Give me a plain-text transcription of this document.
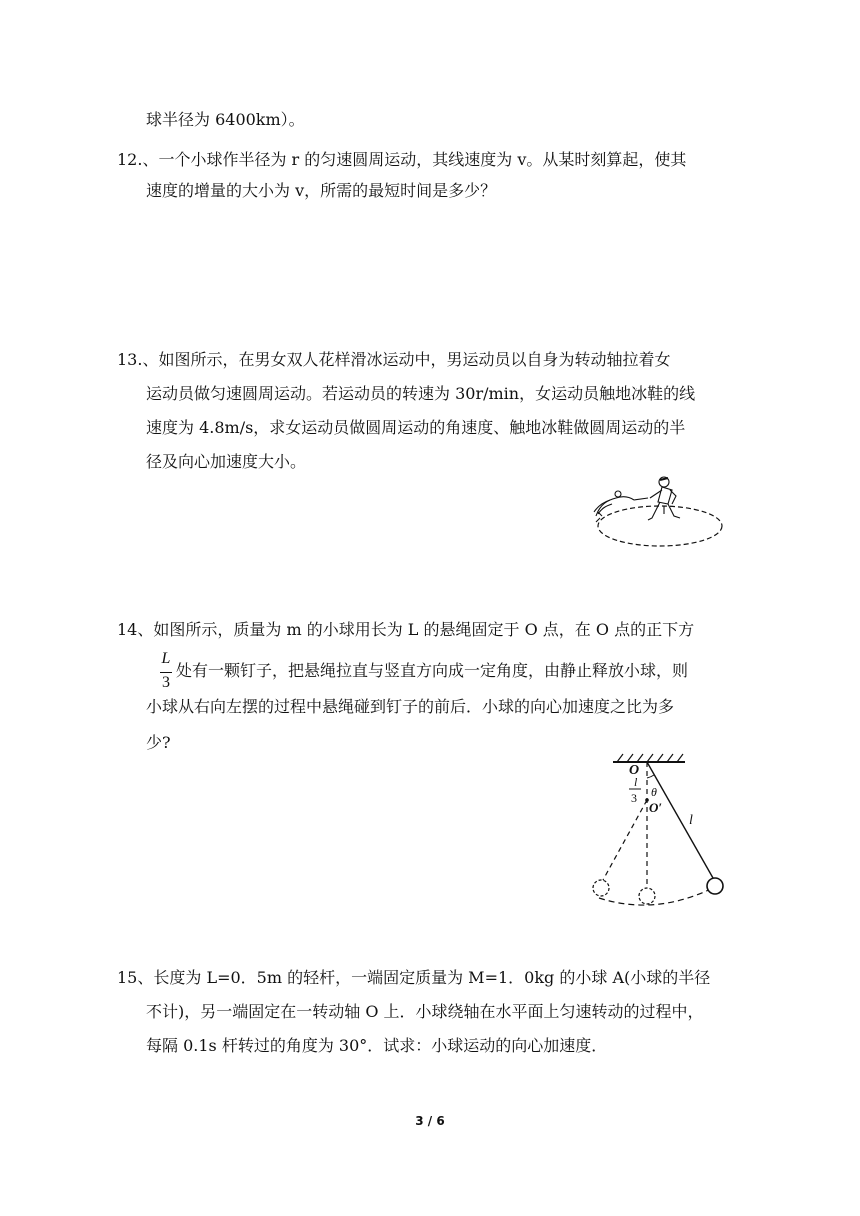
球半径为 6400km）。
12.、一个小球作半径为 r 的匀速圆周运动，其线速度为 v。从某时刻算起，使其
速度的增量的大小为 v，所需的最短时间是多少？
13.、如图所示，在男女双人花样滑冰运动中，男运动员以自身为转动轴拉着女
运动员做匀速圆周运动。若运动员的转速为 30r/min，女运动员触地冰鞋的线
速度为 4.8m/s，求女运动员做圆周运动的角速度、触地冰鞋做圆周运动的半
径及向心加速度大小。
14、如图所示，质量为 m 的小球用长为 L 的悬绳固定于 O 点，在 O 点的正下方
L
3
处有一颗钉子，把悬绳拉直与竖直方向成一定角度，由静止释放小球，则
小球从右向左摆的过程中悬绳碰到钉子的前后．小球的向心加速度之比为多
少?
O
l
3 θ
O′
l
15、长度为 L=0．5m 的轻杆，一端固定质量为 M=1．0kg 的小球 A(小球的半径
不计)，另一端固定在一转动轴 O 上．小球绕轴在水平面上匀速转动的过程中，
每隔 0.1s 杆转过的角度为 30°．试求：小球运动的向心加速度．
3 / 6
